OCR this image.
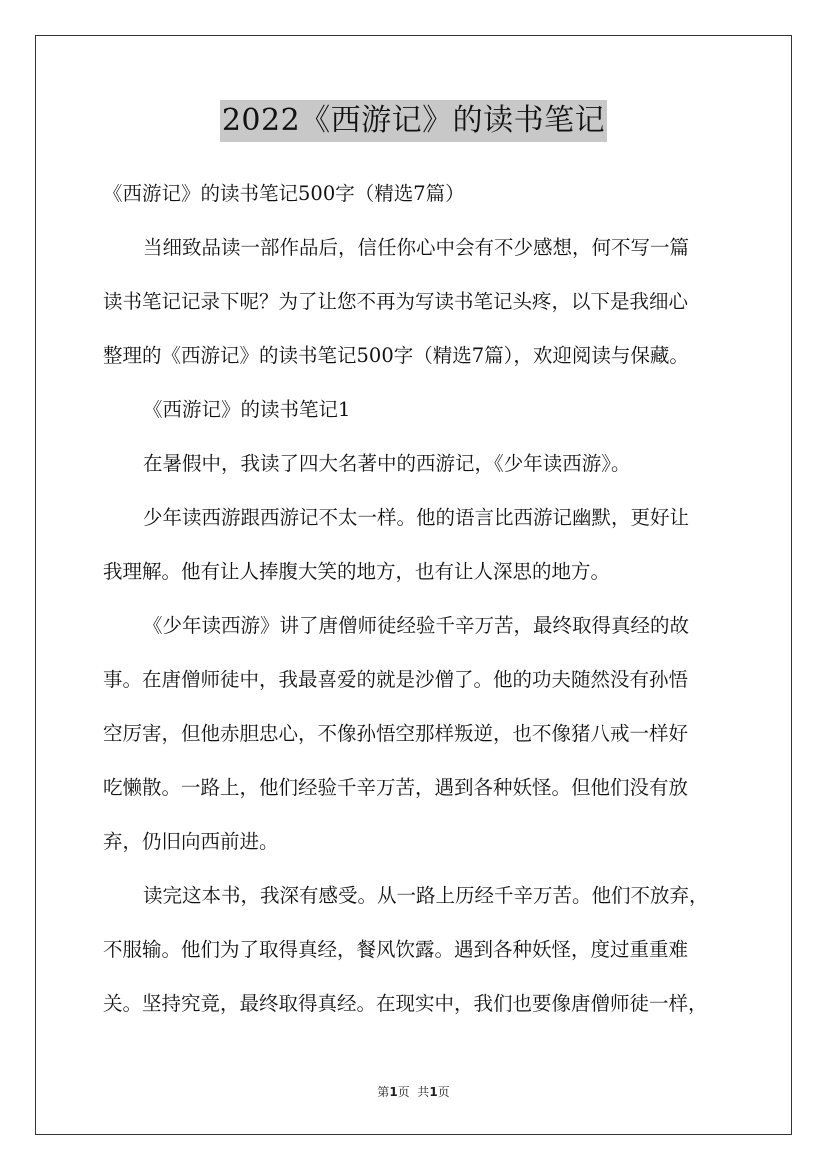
2022《西游记》的读书笔记
《西游记》的读书笔记500字（精选7篇）
当细致品读一部作品后，信任你心中会有不少感想，何不写一篇
读书笔记记录下呢？为了让您不再为写读书笔记头疼，以下是我细心
整理的《西游记》的读书笔记500字（精选7篇），欢迎阅读与保藏。
《西游记》的读书笔记1
在暑假中，我读了四大名著中的西游记，《少年读西游》。
少年读西游跟西游记不太一样。他的语言比西游记幽默，更好让
我理解。他有让人捧腹大笑的地方，也有让人深思的地方。
《少年读西游》讲了唐僧师徒经验千辛万苦，最终取得真经的故
事。在唐僧师徒中，我最喜爱的就是沙僧了。他的功夫随然没有孙悟
空厉害，但他赤胆忠心，不像孙悟空那样叛逆，也不像猪八戒一样好
吃懒散。一路上，他们经验千辛万苦，遇到各种妖怪。但他们没有放
弃，仍旧向西前进。
读完这本书，我深有感受。从一路上历经千辛万苦。他们不放弃，
不服输。他们为了取得真经，餐风饮露。遇到各种妖怪，度过重重难
关。坚持究竟，最终取得真经。在现实中，我们也要像唐僧师徒一样，
第1页  共1页
